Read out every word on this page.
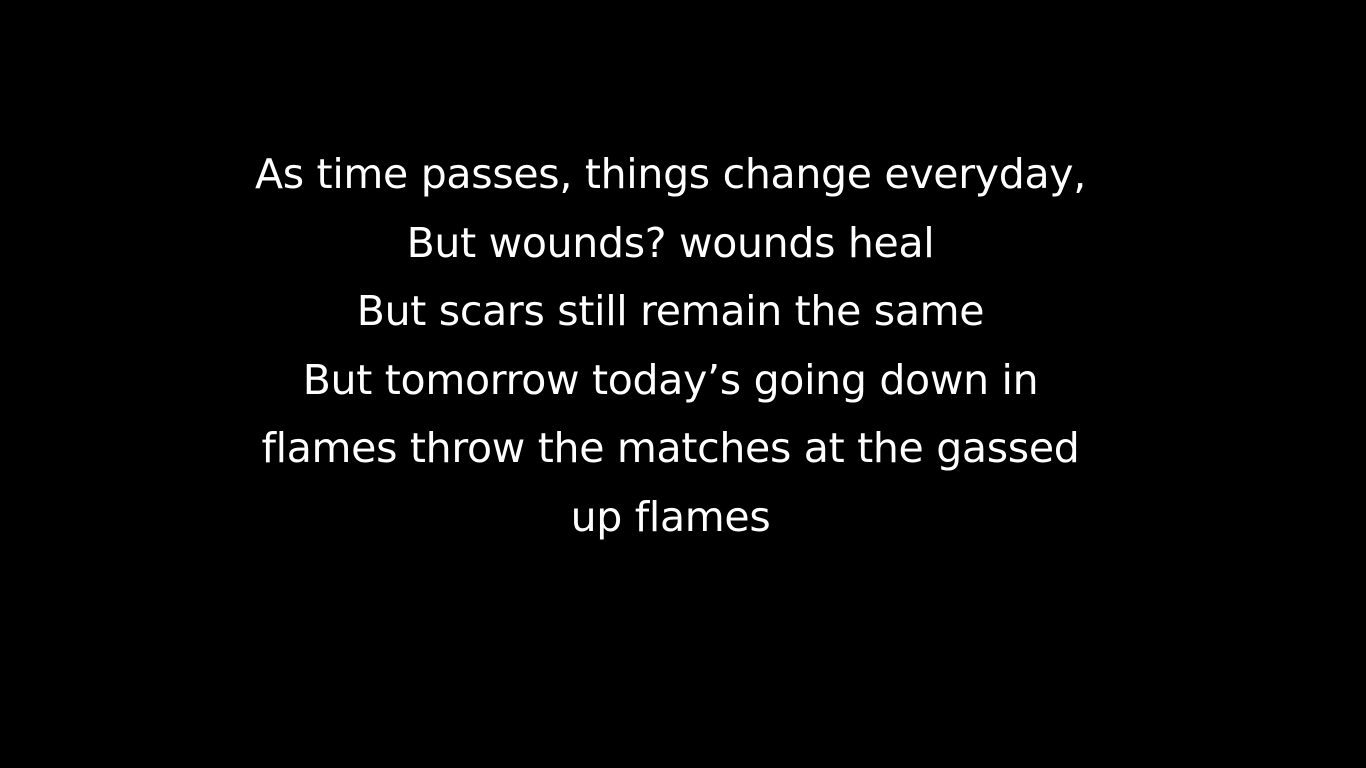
As time passes, things change everyday,
But wounds? wounds heal
But scars still remain the same
But tomorrow today’s going down in
flames throw the matches at the gassed
up flames
